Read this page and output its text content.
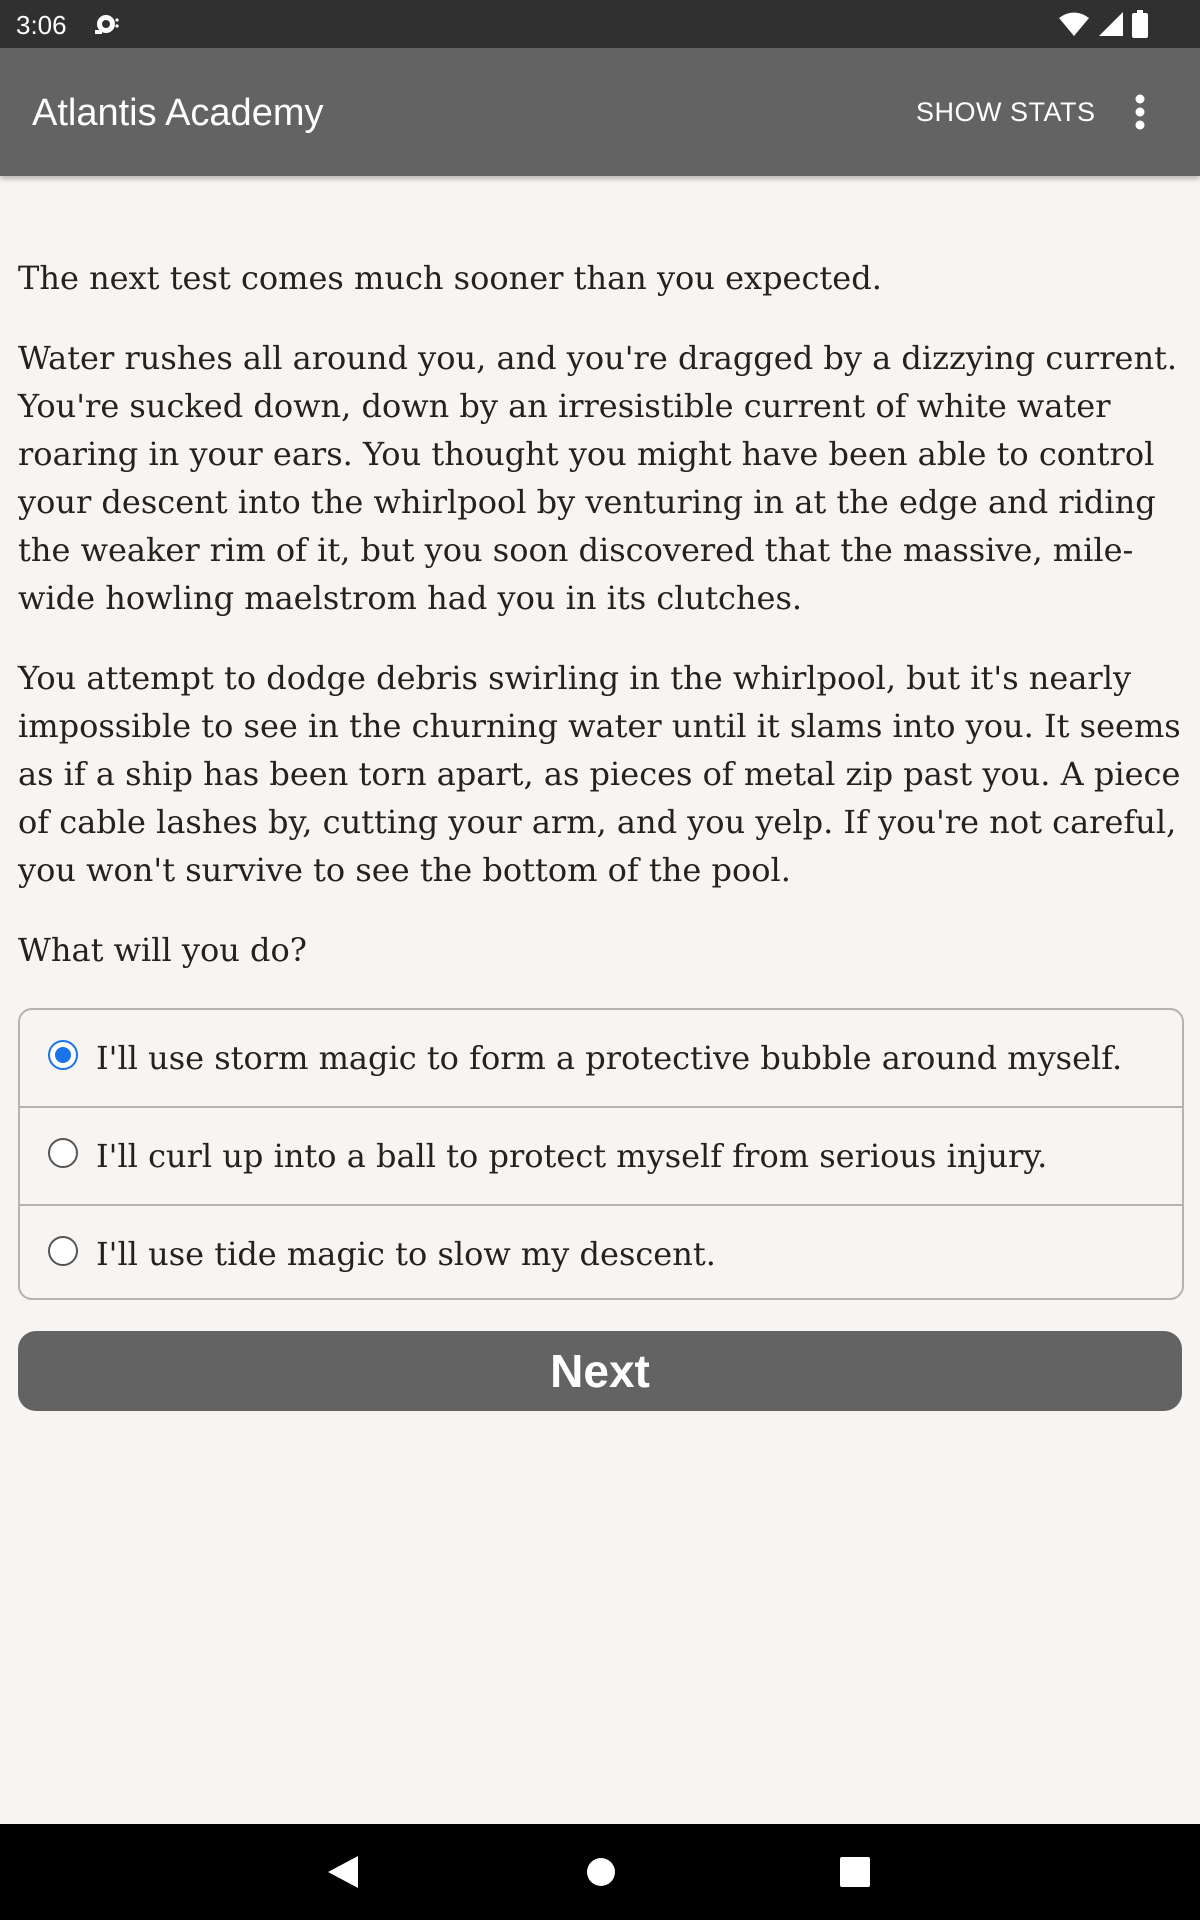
3:06
Atlantis Academy	SHOW STATS

The next test comes much sooner than you expected.

Water rushes all around you, and you're dragged by a dizzying current. You're sucked down, down by an irresistible current of white water roaring in your ears. You thought you might have been able to control your descent into the whirlpool by venturing in at the edge and riding the weaker rim of it, but you soon discovered that the massive, mile-wide howling maelstrom had you in its clutches.

You attempt to dodge debris swirling in the whirlpool, but it's nearly impossible to see in the churning water until it slams into you. It seems as if a ship has been torn apart, as pieces of metal zip past you. A piece of cable lashes by, cutting your arm, and you yelp. If you're not careful, you won't survive to see the bottom of the pool.

What will you do?

I'll use storm magic to form a protective bubble around myself.
I'll curl up into a ball to protect myself from serious injury.
I'll use tide magic to slow my descent.
Next
